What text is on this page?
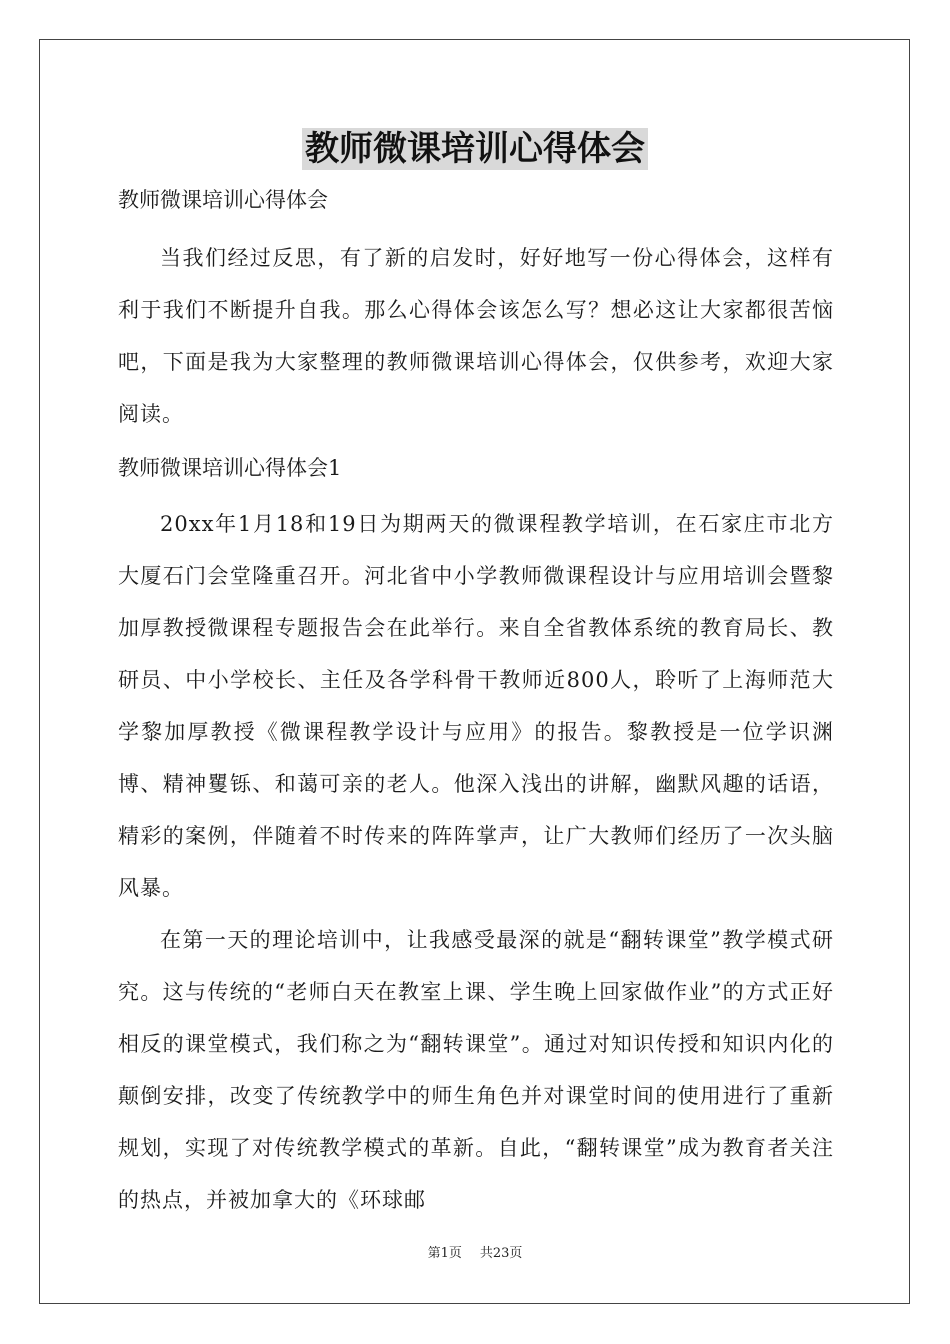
教师微课培训心得体会

教师微课培训心得体会

当我们经过反思，有了新的启发时，好好地写一份心得体会，这样有利于我们不断提升自我。那么心得体会该怎么写？想必这让大家都很苦恼吧，下面是我为大家整理的教师微课培训心得体会，仅供参考，欢迎大家阅读。

教师微课培训心得体会1

20xx年1月18和19日为期两天的微课程教学培训，在石家庄市北方大厦石门会堂隆重召开。河北省中小学教师微课程设计与应用培训会暨黎加厚教授微课程专题报告会在此举行。来自全省教体系统的教育局长、教研员、中小学校长、主任及各学科骨干教师近800人，聆听了上海师范大学黎加厚教授《微课程教学设计与应用》的报告。黎教授是一位学识渊博、精神矍铄、和蔼可亲的老人。他深入浅出的讲解，幽默风趣的话语，精彩的案例，伴随着不时传来的阵阵掌声，让广大教师们经历了一次头脑风暴。

在第一天的理论培训中，让我感受最深的就是“翻转课堂”教学模式研究。这与传统的“老师白天在教室上课、学生晚上回家做作业”的方式正好相反的课堂模式，我们称之为“翻转课堂”。通过对知识传授和知识内化的颠倒安排，改变了传统教学中的师生角色并对课堂时间的使用进行了重新规划，实现了对传统教学模式的革新。自此，“翻转课堂”成为教育者关注的热点，并被加拿大的《环球邮

第1页 共23页
